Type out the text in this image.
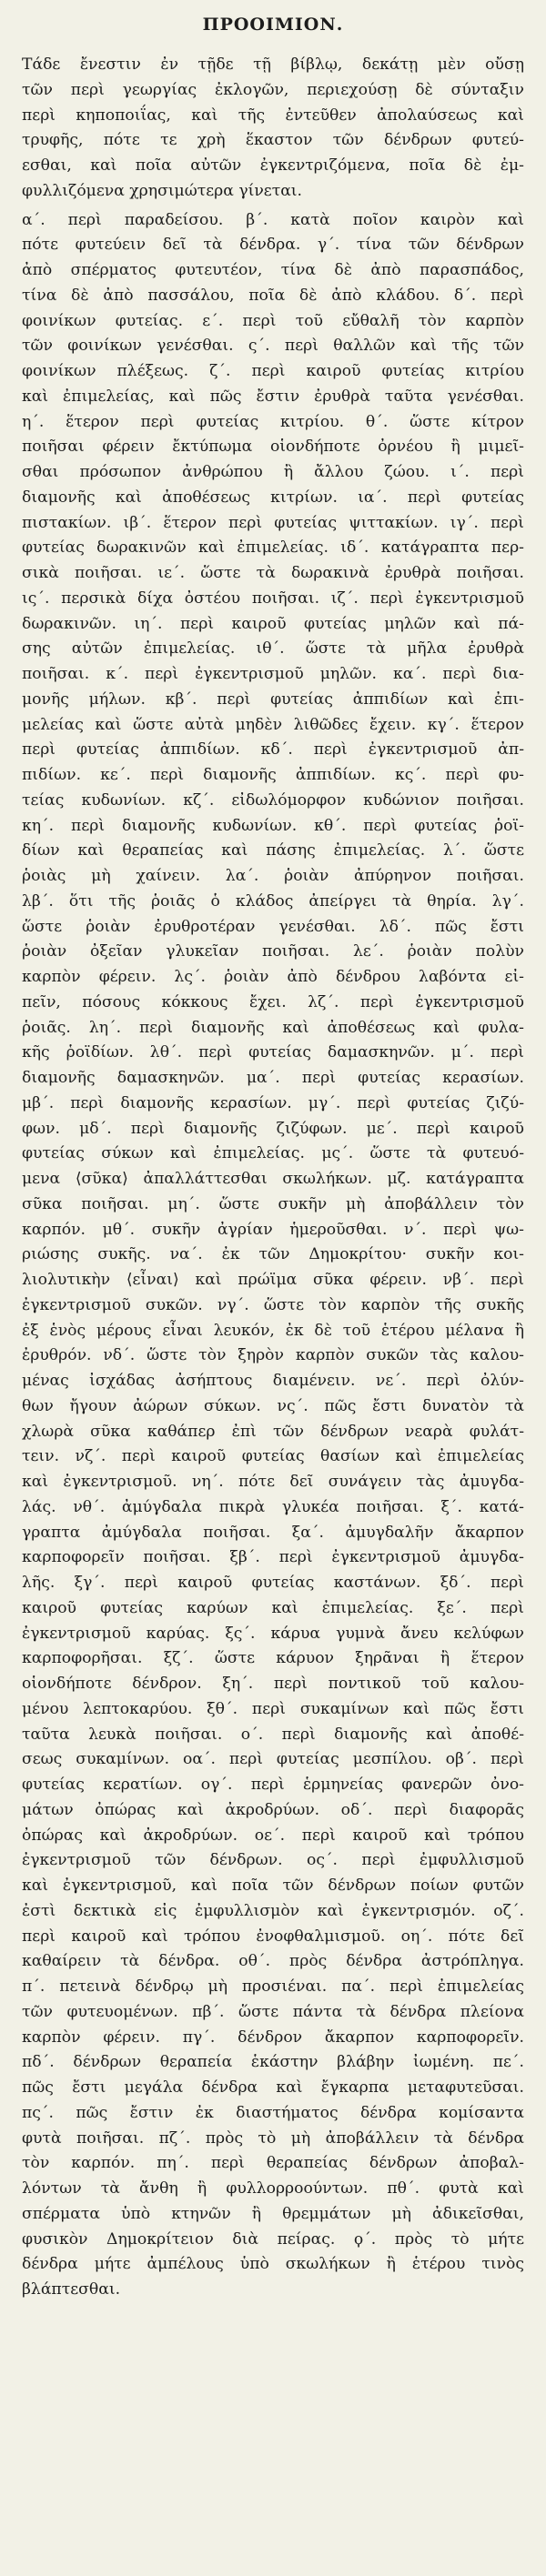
ΠΡΟΟΙΜΙΟΝ.
Τάδε ἔνεστιν ἐν τῇδε τῇ βίβλῳ, δεκάτῃ μὲν οὔσῃ
τῶν περὶ γεωργίας ἐκλογῶν, περιεχούσῃ δὲ σύνταξιν
περὶ κηποποιΐας, καὶ τῆς ἐντεῦθεν ἀπολαύσεως καὶ
τρυφῆς, πότε τε χρὴ ἕκαστον τῶν δένδρων φυτεύ-
εσθαι, καὶ ποῖα αὐτῶν ἐγκεντριζόμενα, ποῖα δὲ ἐμ-
φυλλιζόμενα χρησιμώτερα γίνεται.
α΄. περὶ παραδείσου. β΄. κατὰ ποῖον καιρὸν καὶ
πότε φυτεύειν δεῖ τὰ δένδρα. γ΄. τίνα τῶν δένδρων
ἀπὸ σπέρματος φυτευτέον, τίνα δὲ ἀπὸ παρασπάδος,
τίνα δὲ ἀπὸ πασσάλου, ποῖα δὲ ἀπὸ κλάδου. δ΄. περὶ
φοινίκων φυτείας. ε΄. περὶ τοῦ εὔθαλῆ τὸν καρπὸν
τῶν φοινίκων γενέσθαι. ς΄. περὶ θαλλῶν καὶ τῆς τῶν
φοινίκων πλέξεως. ζ΄. περὶ καιροῦ φυτείας κιτρίου
καὶ ἐπιμελείας, καὶ πῶς ἔστιν ἐρυθρὰ ταῦτα γενέσθαι.
η΄. ἕτερον περὶ φυτείας κιτρίου. θ΄. ὥστε κίτρον
ποιῆσαι φέρειν ἔκτύπωμα οἱονδήποτε ὀρνέου ἢ μιμεῖ-
σθαι πρόσωπον ἀνθρώπου ἢ ἄλλου ζώου. ι΄. περὶ
διαμονῆς καὶ ἀποθέσεως κιτρίων. ια΄. περὶ φυτείας
πιστακίων. ιβ΄. ἕτερον περὶ φυτείας ψιττακίων. ιγ΄. περὶ
φυτείας δωρακινῶν καὶ ἐπιμελείας. ιδ΄. κατάγραπτα περ-
σικὰ ποιῆσαι. ιε΄. ὥστε τὰ δωρακινὰ ἐρυθρὰ ποιῆσαι.
ις΄. περσικὰ δίχα ὀστέου ποιῆσαι. ιζ΄. περὶ ἐγκεντρισμοῦ
δωρακινῶν. ιη΄. περὶ καιροῦ φυτείας μηλῶν καὶ πά-
σης αὐτῶν ἐπιμελείας. ιθ΄. ὥστε τὰ μῆλα ἐρυθρὰ
ποιῆσαι. κ΄. περὶ ἐγκεντρισμοῦ μηλῶν. κα΄. περὶ δια-
μονῆς μήλων. κβ΄. περὶ φυτείας ἀππιδίων καὶ ἐπι-
μελείας καὶ ὥστε αὐτὰ μηδὲν λιθῶδες ἔχειν. κγ΄. ἕτερον
περὶ φυτείας ἀππιδίων. κδ΄. περὶ ἐγκεντρισμοῦ ἀπ-
πιδίων. κε΄. περὶ διαμονῆς ἀππιδίων. κς΄. περὶ φυ-
τείας κυδωνίων. κζ΄. εἰδωλόμορφον κυδώνιον ποιῆσαι.
κη΄. περὶ διαμονῆς κυδωνίων. κθ΄. περὶ φυτείας ῥοϊ-
δίων καὶ θεραπείας καὶ πάσης ἐπιμελείας. λ΄. ὥστε
ῥοιὰς μὴ χαίνειν. λα΄. ῥοιὰν ἀπύρηνον ποιῆσαι.
λβ΄. ὅτι τῆς ῥοιᾶς ὁ κλάδος ἀπείργει τὰ θηρία. λγ΄.
ὥστε ῥοιὰν ἐρυθροτέραν γενέσθαι. λδ΄. πῶς ἔστι
ῥοιὰν ὀξεῖαν γλυκεῖαν ποιῆσαι. λε΄. ῥοιὰν πολὺν
καρπὸν φέρειν. λς΄. ῥοιὰν ἀπὸ δένδρου λαβόντα εἰ-
πεῖν, πόσους κόκκους ἔχει. λζ΄. περὶ ἐγκεντρισμοῦ
ῥοιᾶς. λη΄. περὶ διαμονῆς καὶ ἀποθέσεως καὶ φυλα-
κῆς ῥοϊδίων. λθ΄. περὶ φυτείας δαμασκηνῶν. μ΄. περὶ
διαμονῆς δαμασκηνῶν. μα΄. περὶ φυτείας κερασίων.
μβ΄. περὶ διαμονῆς κερασίων. μγ΄. περὶ φυτείας ζιζύ-
φων. μδ΄. περὶ διαμονῆς ζιζύφων. με΄. περὶ καιροῦ
φυτείας σύκων καὶ ἐπιμελείας. μς΄. ὥστε τὰ φυτευό-
μενα ⟨σῦκα⟩ ἀπαλλάττεσθαι σκωλήκων. μζ. κατάγραπτα
σῦκα ποιῆσαι. μη΄. ὥστε συκῆν μὴ ἀποβάλλειν τὸν
καρπόν. μθ΄. συκῆν ἀγρίαν ἡμεροῦσθαι. ν΄. περὶ ψω-
ριώσης συκῆς. να΄. ἐκ τῶν Δημοκρίτου· συκῆν κοι-
λιολυτικὴν ⟨εἶναι⟩ καὶ πρώϊμα σῦκα φέρειν. νβ΄. περὶ
ἐγκεντρισμοῦ συκῶν. νγ΄. ὥστε τὸν καρπὸν τῆς συκῆς
ἐξ ἑνὸς μέρους εἶναι λευκόν, ἐκ δὲ τοῦ ἑτέρου μέλανα ἢ
ἐρυθρόν. νδ΄. ὥστε τὸν ξηρὸν καρπὸν συκῶν τὰς καλου-
μένας ἰσχάδας ἀσήπτους διαμένειν. νε΄. περὶ ὀλύν-
θων ἤγουν ἀώρων σύκων. νς΄. πῶς ἔστι δυνατὸν τὰ
χλωρὰ σῦκα καθάπερ ἐπὶ τῶν δένδρων νεαρὰ φυλάτ-
τειν. νζ΄. περὶ καιροῦ φυτείας θασίων καὶ ἐπιμελείας
καὶ ἐγκεντρισμοῦ. νη΄. πότε δεῖ συνάγειν τὰς ἀμυγδα-
λάς. νθ΄. ἀμύγδαλα πικρὰ γλυκέα ποιῆσαι. ξ΄. κατά-
γραπτα ἀμύγδαλα ποιῆσαι. ξα΄. ἀμυγδαλῆν ἄκαρπον
καρποφορεῖν ποιῆσαι. ξβ΄. περὶ ἐγκεντρισμοῦ ἀμυγδα-
λῆς. ξγ΄. περὶ καιροῦ φυτείας καστάνων. ξδ΄. περὶ
καιροῦ φυτείας καρύων καὶ ἐπιμελείας. ξε΄. περὶ
ἐγκεντρισμοῦ καρύας. ξς΄. κάρυα γυμνὰ ἄνευ κελύφων
καρποφορῆσαι. ξζ΄. ὥστε κάρυον ξηρᾶναι ἢ ἕτερον
οἱονδήποτε δένδρον. ξη΄. περὶ ποντικοῦ τοῦ καλου-
μένου λεπτοκαρύου. ξθ΄. περὶ συκαμίνων καὶ πῶς ἔστι
ταῦτα λευκὰ ποιῆσαι. ο΄. περὶ διαμονῆς καὶ ἀποθέ-
σεως συκαμίνων. οα΄. περὶ φυτείας μεσπίλου. οβ΄. περὶ
φυτείας κερατίων. ογ΄. περὶ ἑρμηνείας φανερῶν ὀνο-
μάτων ὀπώρας καὶ ἀκροδρύων. οδ΄. περὶ διαφορᾶς
ὀπώρας καὶ ἀκροδρύων. οε΄. περὶ καιροῦ καὶ τρόπου
ἐγκεντρισμοῦ τῶν δένδρων. ος΄. περὶ ἐμφυλλισμοῦ
καὶ ἐγκεντρισμοῦ, καὶ ποῖα τῶν δένδρων ποίων φυτῶν
ἐστὶ δεκτικὰ εἰς ἐμφυλλισμὸν καὶ ἐγκεντρισμόν. οζ΄.
περὶ καιροῦ καὶ τρόπου ἐνοφθαλμισμοῦ. οη΄. πότε δεῖ
καθαίρειν τὰ δένδρα. οθ΄. πρὸς δένδρα ἀστρόπληγα.
π΄. πετεινὰ δένδρῳ μὴ προσιέναι. πα΄. περὶ ἐπιμελείας
τῶν φυτευομένων. πβ΄. ὥστε πάντα τὰ δένδρα πλείονα
καρπὸν φέρειν. πγ΄. δένδρον ἄκαρπον καρποφορεῖν.
πδ΄. δένδρων θεραπεία ἑκάστην βλάβην ἰωμένη. πε΄.
πῶς ἔστι μεγάλα δένδρα καὶ ἔγκαρπα μεταφυτεῦσαι.
πς΄. πῶς ἔστιν ἐκ διαστήματος δένδρα κομίσαντα
φυτὰ ποιῆσαι. πζ΄. πρὸς τὸ μὴ ἀποβάλλειν τὰ δένδρα
τὸν καρπόν. πη΄. περὶ θεραπείας δένδρων ἀποβαλ-
λόντων τὰ ἄνθη ἢ φυλλορροούντων. πθ΄. φυτὰ καὶ
σπέρματα ὑπὸ κτηνῶν ἢ θρεμμάτων μὴ ἀδικεῖσθαι,
φυσικὸν Δημοκρίτειον διὰ πείρας. ϙ΄. πρὸς τὸ μήτε
δένδρα μήτε ἀμπέλους ὑπὸ σκωλήκων ἢ ἑτέρου τινὸς
βλάπτεσθαι.
